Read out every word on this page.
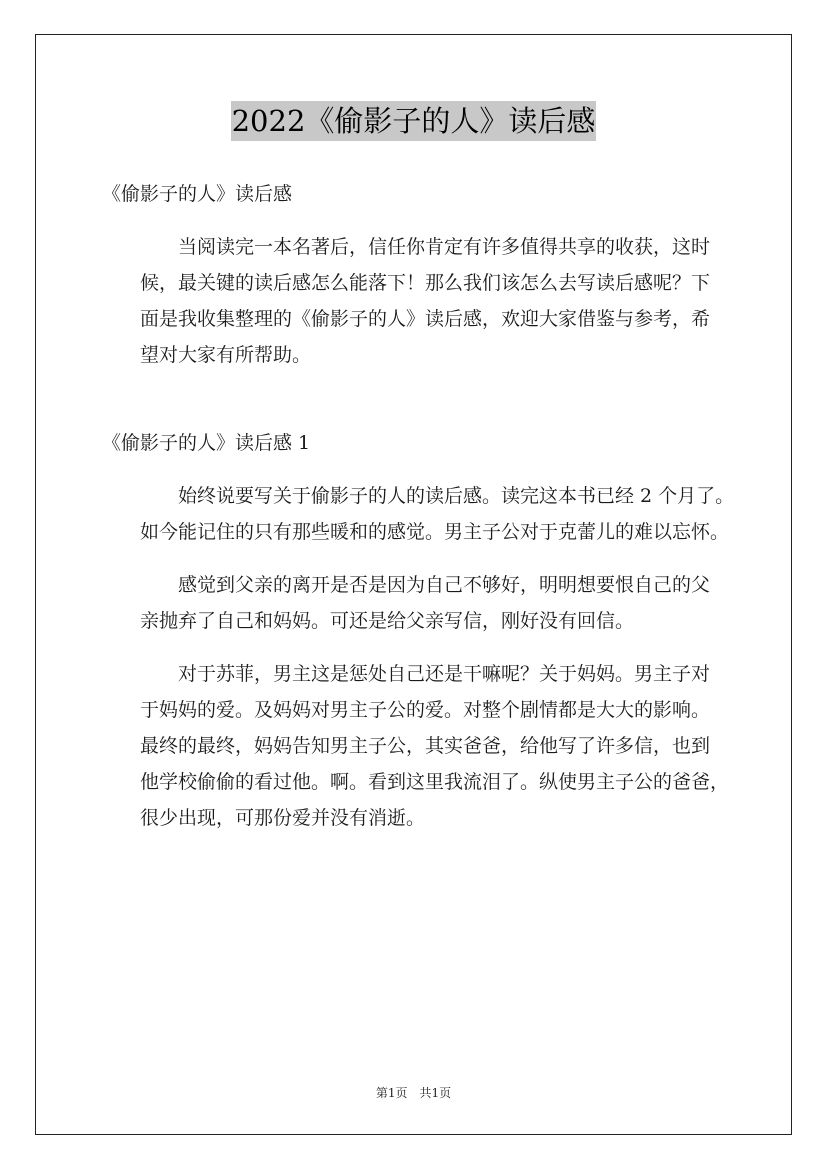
2022《偷影子的人》读后感
《偷影子的人》读后感
　　当阅读完一本名著后，信任你肯定有许多值得共享的收获，这时
候，最关键的读后感怎么能落下！那么我们该怎么去写读后感呢？下
面是我收集整理的《偷影子的人》读后感，欢迎大家借鉴与参考，希
望对大家有所帮助。
《偷影子的人》读后感 1
　　始终说要写关于偷影子的人的读后感。读完这本书已经 2 个月了。
如今能记住的只有那些暖和的感觉。男主子公对于克蕾儿的难以忘怀。
　　感觉到父亲的离开是否是因为自己不够好，明明想要恨自己的父
亲抛弃了自己和妈妈。可还是给父亲写信，刚好没有回信。
　　对于苏菲，男主这是惩处自己还是干嘛呢？关于妈妈。男主子对
于妈妈的爱。及妈妈对男主子公的爱。对整个剧情都是大大的影响。
最终的最终，妈妈告知男主子公，其实爸爸，给他写了许多信，也到
他学校偷偷的看过他。啊。看到这里我流泪了。纵使男主子公的爸爸，
很少出现，可那份爱并没有消逝。
第1页　共1页
